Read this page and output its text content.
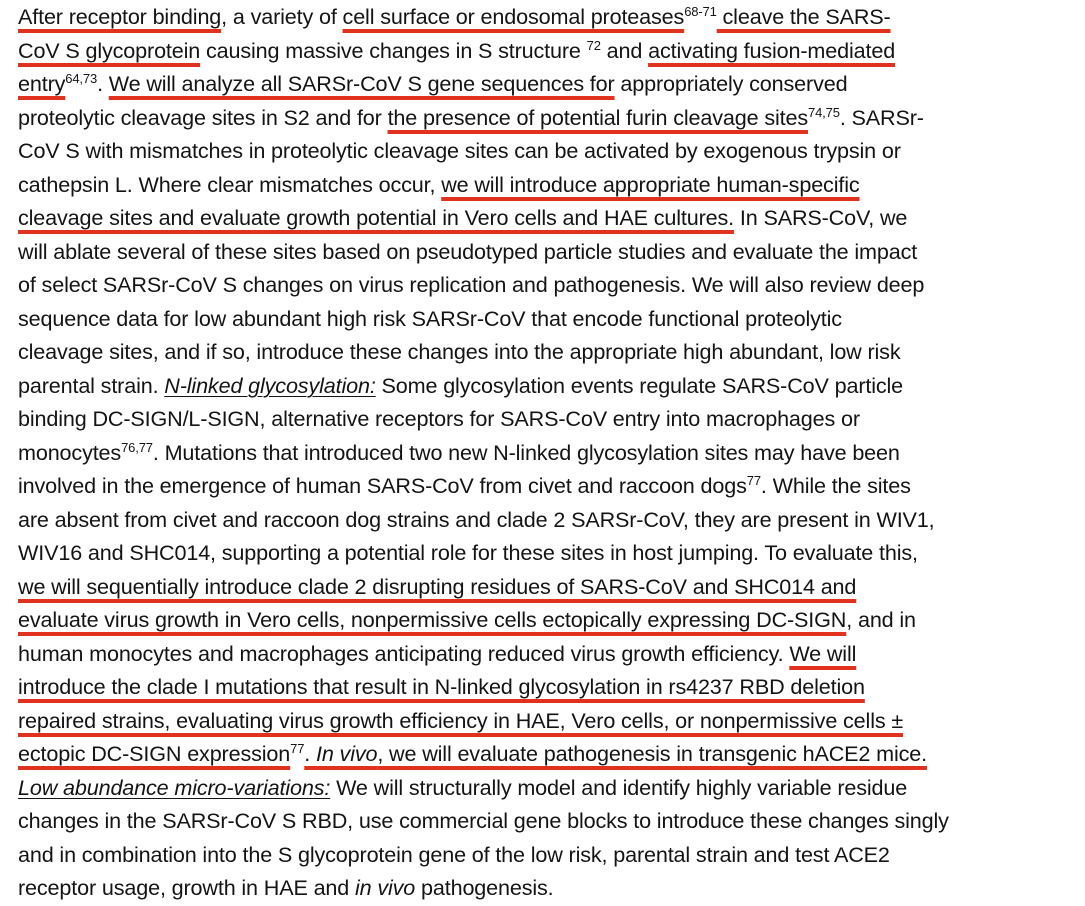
After receptor binding, a variety of cell surface or endosomal proteases$^{68-71}$ cleave the SARS-
CoV S glycoprotein causing massive changes in S structure $^{72}$ and activating fusion-mediated
entry$^{64,73}$. We will analyze all SARSr-CoV S gene sequences for appropriately conserved
proteolytic cleavage sites in S2 and for the presence of potential furin cleavage sites$^{74,75}$. SARSr-
CoV S with mismatches in proteolytic cleavage sites can be activated by exogenous trypsin or
cathepsin L. Where clear mismatches occur, we will introduce appropriate human-specific
cleavage sites and evaluate growth potential in Vero cells and HAE cultures. In SARS-CoV, we
will ablate several of these sites based on pseudotyped particle studies and evaluate the impact
of select SARSr-CoV S changes on virus replication and pathogenesis. We will also review deep
sequence data for low abundant high risk SARSr-CoV that encode functional proteolytic
cleavage sites, and if so, introduce these changes into the appropriate high abundant, low risk
parental strain. N-linked glycosylation: Some glycosylation events regulate SARS-CoV particle
binding DC-SIGN/L-SIGN, alternative receptors for SARS-CoV entry into macrophages or
monocytes$^{76,77}$. Mutations that introduced two new N-linked glycosylation sites may have been
involved in the emergence of human SARS-CoV from civet and raccoon dogs$^{77}$. While the sites
are absent from civet and raccoon dog strains and clade 2 SARSr-CoV, they are present in WIV1,
WIV16 and SHC014, supporting a potential role for these sites in host jumping. To evaluate this,
we will sequentially introduce clade 2 disrupting residues of SARS-CoV and SHC014 and
evaluate virus growth in Vero cells, nonpermissive cells ectopically expressing DC-SIGN, and in
human monocytes and macrophages anticipating reduced virus growth efficiency. We will
introduce the clade I mutations that result in N-linked glycosylation in rs4237 RBD deletion
repaired strains, evaluating virus growth efficiency in HAE, Vero cells, or nonpermissive cells ±
ectopic DC-SIGN expression$^{77}$. In vivo, we will evaluate pathogenesis in transgenic hACE2 mice.
Low abundance micro-variations: We will structurally model and identify highly variable residue
changes in the SARSr-CoV S RBD, use commercial gene blocks to introduce these changes singly
and in combination into the S glycoprotein gene of the low risk, parental strain and test ACE2
receptor usage, growth in HAE and in vivo pathogenesis.
